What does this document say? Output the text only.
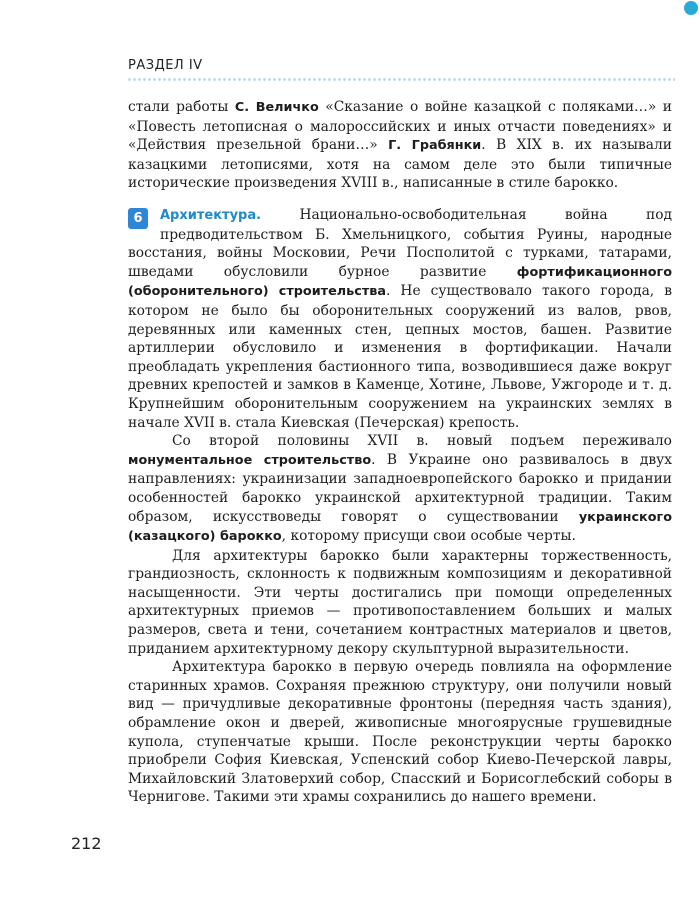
РАЗДЕЛ IV

стали работы С. Величко «Сказание о войне казацкой с поляками…» и «Повесть летописная о малороссийских и иных отчасти поведениях» и «Действия презельной брани…» Г. Грабянки. В XIX в. их называли казацкими летописями, хотя на самом деле это были типичные исторические произведения XVIII в., написанные в стиле барокко.

6	Архитектура. Национально-освободительная война под предводительством Б. Хмельницкого, события Руины, народные восстания, войны Московии, Речи Посполитой с турками, татарами, шведами обусловили бурное развитие фортификационного (оборонительного) строительства. Не существовало такого города, в котором не было бы оборонительных сооружений из валов, рвов, деревянных или каменных стен, цепных мостов, башен. Развитие артиллерии обусловило и изменения в фортификации. Начали преобладать укрепления бастионного типа, возводившиеся даже вокруг древних крепостей и замков в Каменце, Хотине, Львове, Ужгороде и т. д. Крупнейшим оборонительным сооружением на украинских землях в начале XVII в. стала Киевская (Печерская) крепость.

Со второй половины XVII в. новый подъем переживало монументальное строительство. В Украине оно развивалось в двух направлениях: украинизации западноевропейского барокко и придании особенностей барокко украинской архитектурной традиции. Таким образом, искусствоведы говорят о существовании украинского (казацкого) барокко, которому присущи свои особые черты.

Для архитектуры барокко были характерны торжественность, грандиозность, склонность к подвижным композициям и декоративной насыщенности. Эти черты достигались при помощи определенных архитектурных приемов — противопоставлением больших и малых размеров, света и тени, сочетанием контрастных материалов и цветов, приданием архитектурному декору скульптурной выразительности.

Архитектура барокко в первую очередь повлияла на оформление старинных храмов. Сохраняя прежнюю структуру, они получили новый вид — причудливые декоративные фронтоны (передняя часть здания), обрамление окон и дверей, живописные многоярусные грушевидные купола, ступенчатые крыши. После реконструкции черты барокко приобрели София Киевская, Успенский собор Киево-Печерской лавры, Михайловский Златоверхий собор, Спасский и Борисоглебский соборы в Чернигове. Такими эти храмы сохранились до нашего времени.

212
